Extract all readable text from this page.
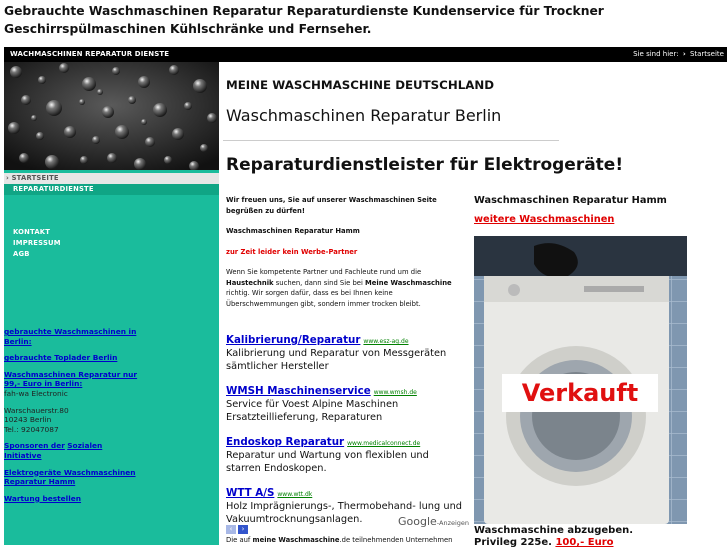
Gebrauchte Waschmaschinen Reparatur Reparaturdienste Kundenservice für Trockner Geschirrspülmaschinen Kühlschränke und Fernseher.
WACHMASCHINEN REPARATUR DIENSTE	Sie sind hier: › Startseite
› STARTSEITE
REPARATURDIENSTE
KONTAKT
IMPRESSUM
AGB

gebrauchte Waschmaschinen in Berlin:

gebrauchte Toplader Berlin

Waschmaschinen Reparatur nur 99,- Euro in Berlin:

fah-wa Electronic

Warschauerstr.80

10243 Berlin

Tel.: 92047087

Sponsoren der Sozialen Initiative

Elektrogeräte Waschmaschinen Reparatur Hamm

Wartung bestellen

MEINE WASCHMASCHINE DEUTSCHLAND
Waschmaschinen Reparatur Berlin
Reparaturdienstleister für Elektrogeräte!

Wir freuen uns, Sie auf unserer Waschmaschinen Seite begrüßen zu dürfen!

Waschmaschinen Reparatur Hamm

zur Zeit leider kein Werbe-Partner

Wenn Sie kompetente Partner und Fachleute rund um die Haustechnik suchen, dann sind Sie bei Meine Waschmaschine richtig. Wir sorgen dafür, dass es bei Ihnen keine Überschwemmungen gibt, sondern immer trocken bleibt.

Kalibrierung/Reparatur www.esz-ag.de
Kalibrierung und Reparatur von Messgeräten sämtlicher Hersteller
WMSH Maschinenservice www.wmsh.de
Service für Voest Alpine Maschinen Ersatzteillieferung, Reparaturen
Endoskop Reparatur www.medicalconnect.de
Reparatur und Wartung von flexiblen und starren Endoskopen.
WTT A/S www.wtt.dk
Holz Imprägnierungs-, Thermobehand- lung und Vakuumtrocknungsanlagen.
‹ ›
Google-Anzeigen
Die auf meine Waschmaschine.de teilnehmenden Unternehmen
Waschmaschinen Reparatur Hamm
weitere Waschmaschinen
Verkauft
Waschmaschine abzugeben.
Privileg 225e. 100,- Euro
